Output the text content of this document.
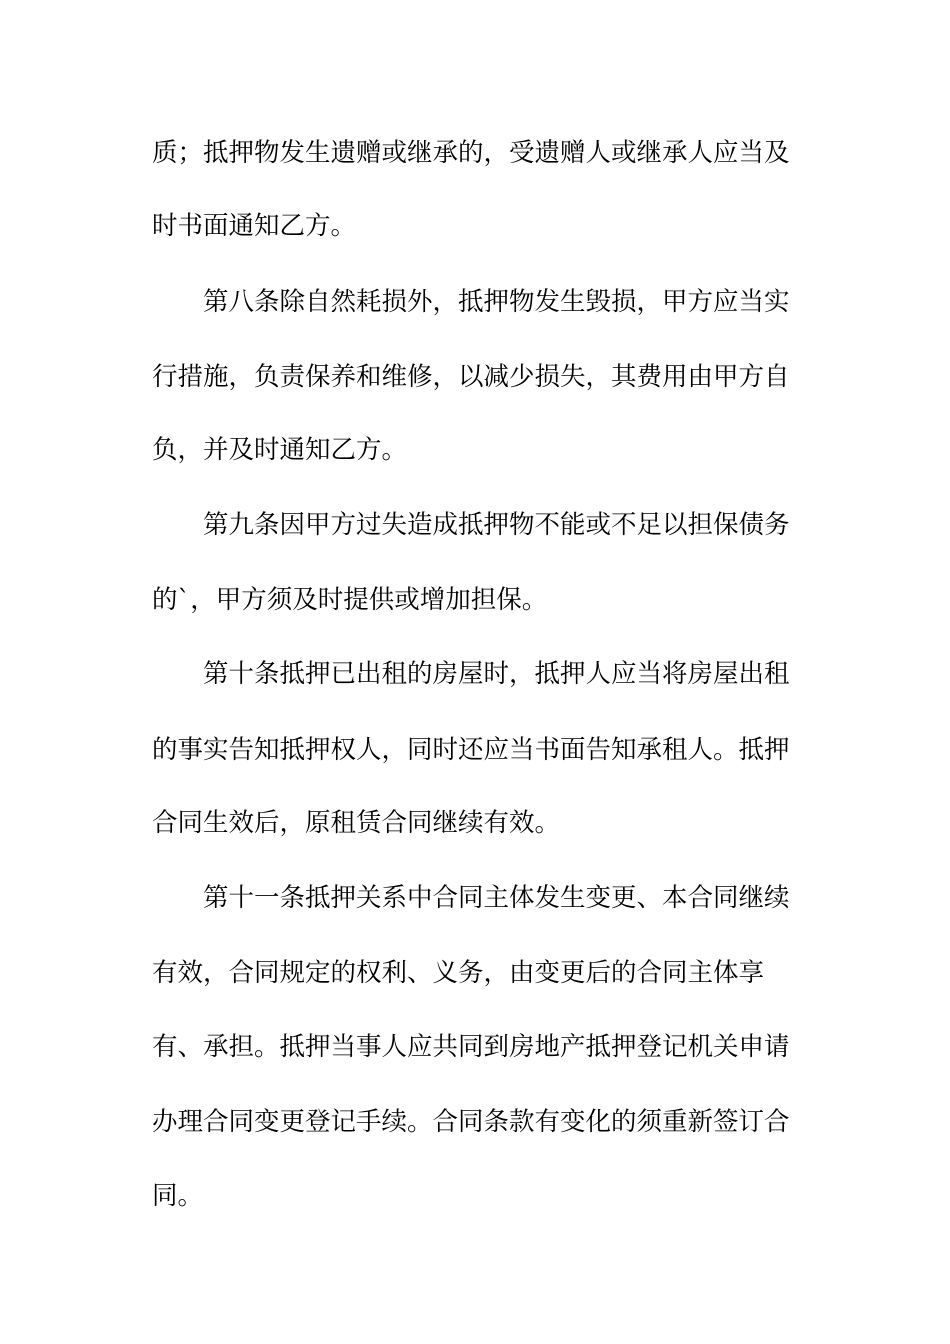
质；抵押物发生遗赠或继承的，受遗赠人或继承人应当及
时书面通知乙方。
第八条除自然耗损外，抵押物发生毁损，甲方应当实
行措施，负责保养和维修，以减少损失，其费用由甲方自
负，并及时通知乙方。
第九条因甲方过失造成抵押物不能或不足以担保债务
的`，甲方须及时提供或增加担保。
第十条抵押已出租的房屋时，抵押人应当将房屋出租
的事实告知抵押权人，同时还应当书面告知承租人。抵押
合同生效后，原租赁合同继续有效。
第十一条抵押关系中合同主体发生变更、本合同继续
有效，合同规定的权利、义务，由变更后的合同主体享
有、承担。抵押当事人应共同到房地产抵押登记机关申请
办理合同变更登记手续。合同条款有变化的须重新签订合
同。
